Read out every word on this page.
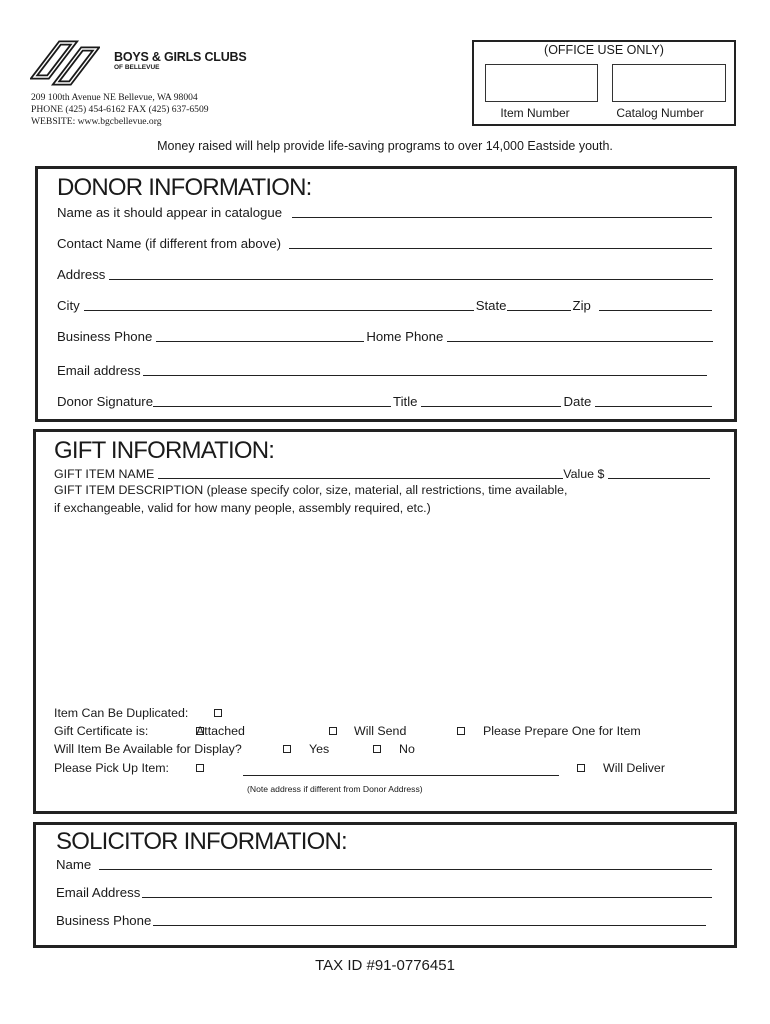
BOYS & GIRLS CLUBS
OF BELLEVUE
209 100th Avenue NE Bellevue, WA 98004
PHONE (425) 454-6162 FAX (425) 637-6509
WEBSITE: www.bgcbellevue.org
(OFFICE USE ONLY)
Item Number	Catalog Number
Money raised will help provide life-saving programs to over 14,000 Eastside youth.
DONOR INFORMATION:
Name as it should appear in catalogue
Contact Name (if different from above)
Address
City	State	Zip
Business Phone	Home Phone
Email address
Donor Signature	Title	Date
GIFT INFORMATION:
GIFT ITEM NAME	Value $
GIFT ITEM DESCRIPTION (please specify color, size, material, all restrictions, time available,
if exchangeable, valid for how many people, assembly required, etc.)
Item Can Be Duplicated:
Gift Certificate is:	Attached	Will Send	Please Prepare One for Item
Will Item Be Available for Display?	Yes	No
Please Pick Up Item:	Will Deliver
(Note address if different from Donor Address)
SOLICITOR INFORMATION:
Name
Email Address
Business Phone
TAX ID #91-0776451
